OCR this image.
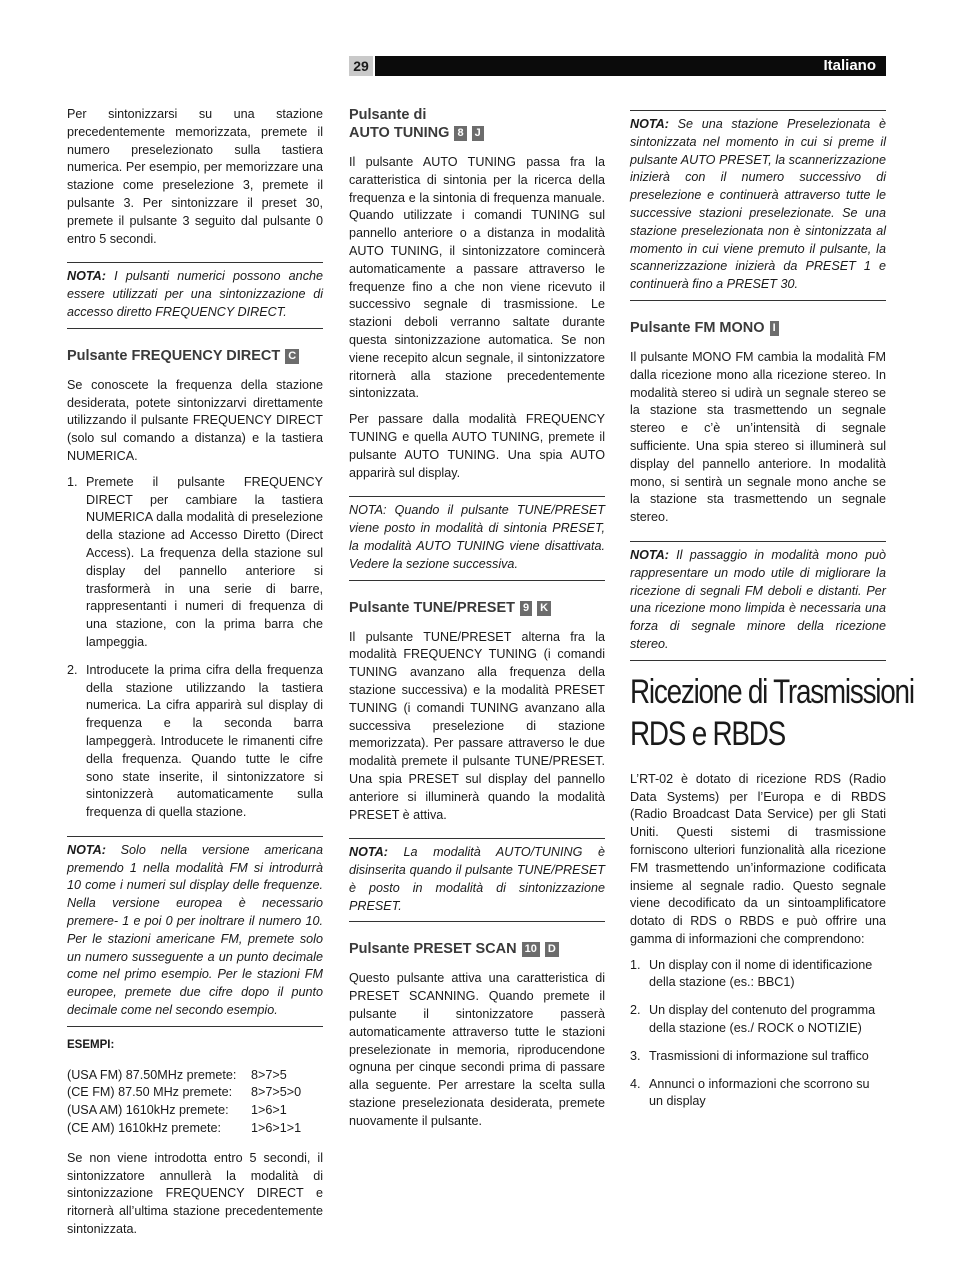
29	Italiano

Per sintonizzarsi su una stazione precedentemente memorizzata, premete il numero preselezionato sulla tastiera numerica. Per esempio, per memorizzare una stazione come preselezione 3, premete il pulsante 3. Per sintonizzare il preset 30, premete il pulsante 3 seguito dal pulsante 0 entro 5 secondi.

NOTA: I pulsanti numerici possono anche essere utilizzati per una sintonizzazione di accesso diretto FREQUENCY DIRECT.
Pulsante FREQUENCY DIRECT C

Se conoscete la frequenza della stazione desiderata, potete sintonizzarvi direttamente utilizzando il pulsante FREQUENCY DIRECT (solo sul comando a distanza) e la tastiera NUMERICA.

1. Premete il pulsante FREQUENCY DIRECT per cambiare la tastiera NUMERICA dalla modalità di preselezione della stazione ad Accesso Diretto (Direct Access). La frequenza della stazione sul display del pannello anteriore si trasformerà in una serie di barre, rappresentanti i numeri di frequenza di una stazione, con la prima barra che lampeggia.
2. Introducete la prima cifra della frequenza della stazione utilizzando la tastiera numerica. La cifra apparirà sul display di frequenza e la seconda barra lampeggerà. Introducete le rimanenti cifre della frequenza. Quando tutte le cifre sono state inserite, il sintonizzatore si sintonizzerà automaticamente sulla frequenza di quella stazione.
NOTA: Solo nella versione americana premendo 1 nella modalità FM si introdurrà 10 come i numeri sul display delle frequenze. Nella versione europea è necessario premere- 1 e poi 0 per inoltrare il numero 10. Per le stazioni americane FM, premete solo un numero susseguente a un punto decimale come nel primo esempio. Per le stazioni FM europee, premete due cifre dopo il punto decimale come nel secondo esempio.
ESEMPI:
(USA FM) 87.50MHz premete:	8>7>5
(CE FM) 87.50 MHz premete:	8>7>5>0
(USA AM) 1610kHz premete:	1>6>1
(CE AM) 1610kHz premete:	1>6>1>1

Se non viene introdotta entro 5 secondi, il sintonizzatore annullerà la modalità di sintonizzazione FREQUENCY DIRECT e ritornerà all’ultima stazione precedentemente sintonizzata.

Pulsante di
AUTO TUNING 8 J

Il pulsante AUTO TUNING passa fra la caratteristica di sintonia per la ricerca della frequenza e la sintonia di frequenza manuale. Quando utilizzate i comandi TUNING sul pannello anteriore o a distanza in modalità AUTO TUNING, il sintonizzatore comincerà automaticamente a passare attraverso le frequenze fino a che non viene ricevuto il successivo segnale di trasmissione. Le stazioni deboli verranno saltate durante questa sintonizzazione automatica. Se non viene recepito alcun segnale, il sintonizzatore ritornerà alla stazione precedentemente sintonizzata.

Per passare dalla modalità FREQUENCY TUNING e quella AUTO TUNING, premete il pulsante AUTO TUNING. Una spia AUTO apparirà sul display.

NOTA: Quando il pulsante TUNE/PRESET viene posto in modalità di sintonia PRESET, la modalità AUTO TUNING viene disattivata. Vedere la sezione successiva.
Pulsante TUNE/PRESET 9 K

Il pulsante TUNE/PRESET alterna fra la modalità FREQUENCY TUNING (i comandi TUNING avanzano alla frequenza della stazione successiva) e la modalità PRESET TUNING (i comandi TUNING avanzano alla successiva preselezione di stazione memorizzata). Per passare attraverso le due modalità premete il pulsante TUNE/PRESET. Una spia PRESET sul display del pannello anteriore si illuminerà quando la modalità PRESET è attiva.

NOTA: La modalità AUTO/TUNING è disinserita quando il pulsante TUNE/PRESET è posto in modalità di sintonizzazione PRESET.
Pulsante PRESET SCAN 10 D

Questo pulsante attiva una caratteristica di PRESET SCANNING. Quando premete il pulsante il sintonizzatore passerà automaticamente attraverso tutte le stazioni preselezionate in memoria, riproducendone ognuna per cinque secondi prima di passare alla seguente. Per arrestare la scelta sulla stazione preselezionata desiderata, premete nuovamente il pulsante.

NOTA: Se una stazione Preselezionata è sintonizzata nel momento in cui si preme il pulsante AUTO PRESET, la scannerizzazione inizierà con il numero successivo di preselezione e continuerà attraverso tutte le successive stazioni preselezionate. Se una stazione preselezionata non è sintonizzata al momento in cui viene premuto il pulsante, la scannerizzazione inizierà da PRESET 1 e continuerà fino a PRESET 30.
Pulsante FM MONO I

Il pulsante MONO FM cambia la modalità FM dalla ricezione mono alla ricezione stereo. In modalità stereo si udirà un segnale stereo se la stazione sta trasmettendo un segnale stereo e c’è un’intensità di segnale sufficiente. Una spia stereo si illuminerà sul display del pannello anteriore. In modalità mono, si sentirà un segnale mono anche se la stazione sta trasmettendo un segnale stereo.

NOTA: Il passaggio in modalità mono può rappresentare un modo utile di migliorare la ricezione di segnali FM deboli e distanti. Per una ricezione mono limpida è necessaria una forza di segnale minore della ricezione stereo.
Ricezione di Trasmissioni
RDS e RBDS

L’RT-02 è dotato di ricezione RDS (Radio Data Systems) per l’Europa e di RBDS (Radio Broadcast Data Service) per gli Stati Uniti. Questi sistemi di trasmissione forniscono ulteriori funzionalità alla ricezione FM trasmettendo un’informazione codificata insieme al segnale radio. Questo segnale viene decodificato da un sintoamplificatore dotato di RDS o RBDS e può offrire una gamma di informazioni che comprendono:

1. Un display con il nome di identificazione della stazione (es.: BBC1)
2. Un display del contenuto del programma della stazione (es./ ROCK o NOTIZIE)
3. Trasmissioni di informazione sul traffico
4. Annunci o informazioni che scorrono su un display
